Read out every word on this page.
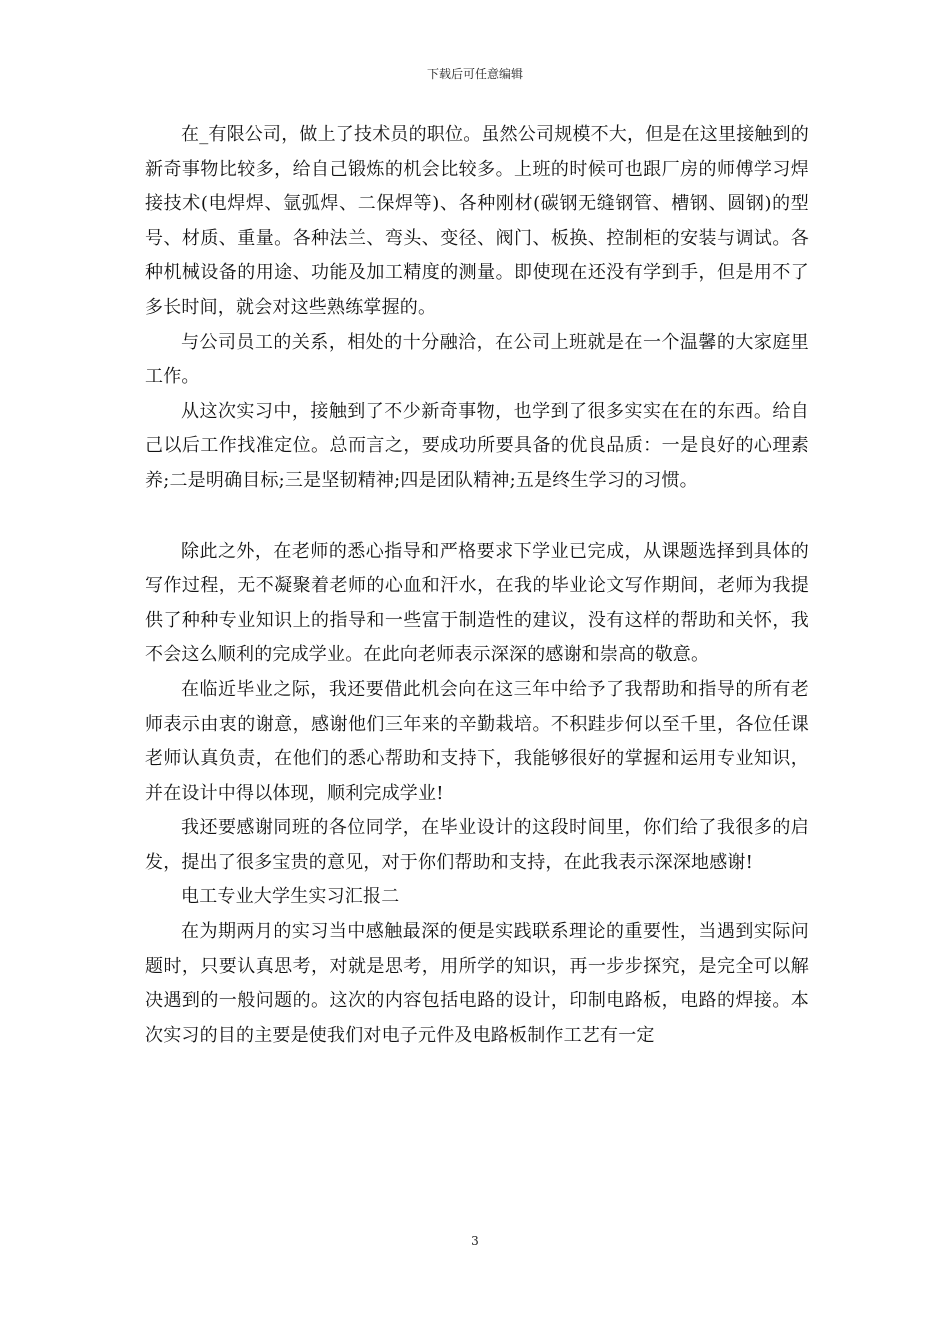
下载后可任意编辑

在_有限公司，做上了技术员的职位。虽然公司规模不大，但是在这里接触到的新奇事物比较多，给自己锻炼的机会比较多。上班的时候可也跟厂房的师傅学习焊接技术(电焊焊、氩弧焊、二保焊等)、各种刚材(碳钢无缝钢管、槽钢、圆钢)的型号、材质、重量。各种法兰、弯头、变径、阀门、板换、控制柜的安装与调试。各种机械设备的用途、功能及加工精度的测量。即使现在还没有学到手，但是用不了多长时间，就会对这些熟练掌握的。

与公司员工的关系，相处的十分融洽，在公司上班就是在一个温馨的大家庭里工作。

从这次实习中，接触到了不少新奇事物，也学到了很多实实在在的东西。给自己以后工作找准定位。总而言之，要成功所要具备的优良品质：一是良好的心理素养;二是明确目标;三是坚韧精神;四是团队精神;五是终生学习的习惯。

除此之外，在老师的悉心指导和严格要求下学业已完成，从课题选择到具体的写作过程，无不凝聚着老师的心血和汗水，在我的毕业论文写作期间，老师为我提供了种种专业知识上的指导和一些富于制造性的建议，没有这样的帮助和关怀，我不会这么顺利的完成学业。在此向老师表示深深的感谢和崇高的敬意。

在临近毕业之际，我还要借此机会向在这三年中给予了我帮助和指导的所有老师表示由衷的谢意，感谢他们三年来的辛勤栽培。不积跬步何以至千里，各位任课老师认真负责，在他们的悉心帮助和支持下，我能够很好的掌握和运用专业知识，并在设计中得以体现，顺利完成学业!

我还要感谢同班的各位同学，在毕业设计的这段时间里，你们给了我很多的启发，提出了很多宝贵的意见，对于你们帮助和支持，在此我表示深深地感谢!

电工专业大学生实习汇报二

在为期两月的实习当中感触最深的便是实践联系理论的重要性，当遇到实际问题时，只要认真思考，对就是思考，用所学的知识，再一步步探究，是完全可以解决遇到的一般问题的。这次的内容包括电路的设计，印制电路板，电路的焊接。本次实习的目的主要是使我们对电子元件及电路板制作工艺有一定

3
